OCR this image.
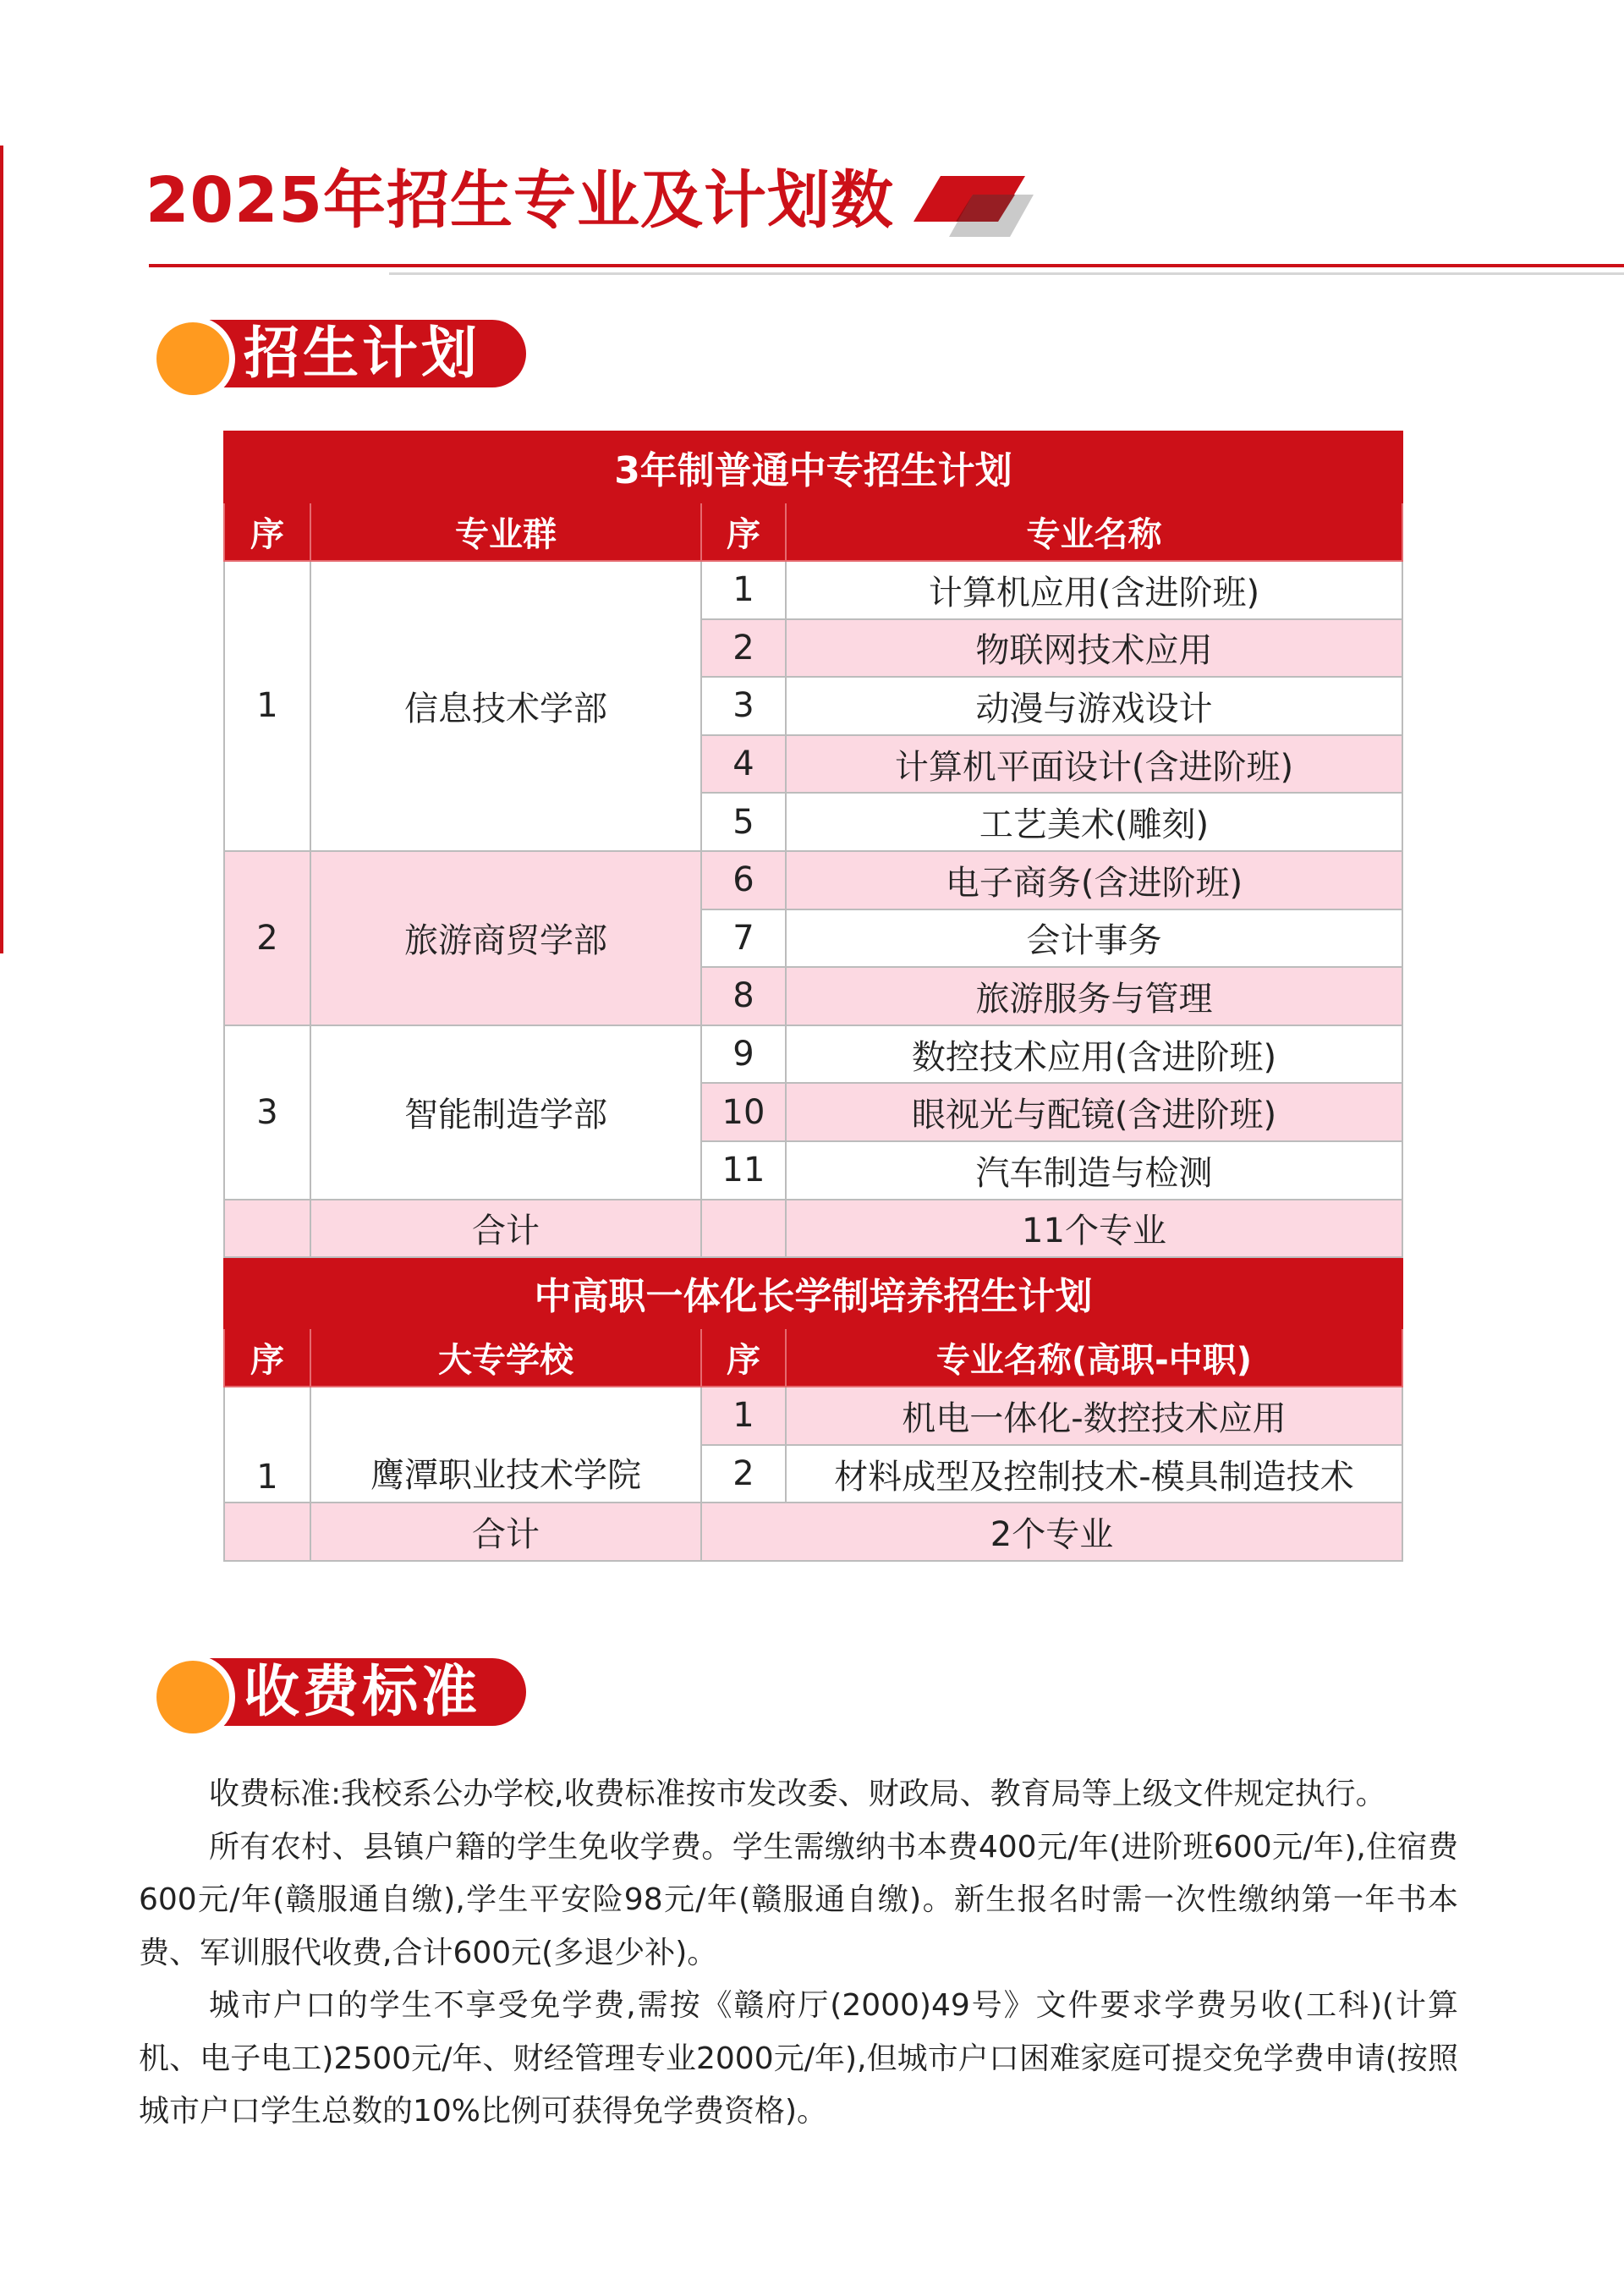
2025年招生专业及计划数
招生计划
3年制普通中专招生计划			
序	专业群	序	专业名称
1	信息技术学部	1	计算机应用(含进阶班)
		2	物联网技术应用
		3	动漫与游戏设计
		4	计算机平面设计(含进阶班)
		5	工艺美术(雕刻)
2	旅游商贸学部	6	电子商务(含进阶班)
		7	会计事务
		8	旅游服务与管理
3	智能制造学部	9	数控技术应用(含进阶班)
		10	眼视光与配镜(含进阶班)
		11	汽车制造与检测
	合计		11个专业
中高职一体化长学制培养招生计划			
序	大专学校	序	专业名称(高职-中职)
1	鹰潭职业技术学院	1	机电一体化-数控技术应用
		2	材料成型及控制技术-模具制造技术
	合计	2个专业	
收费标准

收费标准:我校系公办学校,收费标准按市发改委、财政局、教育局等上级文件规定执行。

所有农村、县镇户籍的学生免收学费。学生需缴纳书本费400元/年(进阶班600元/年),住宿费600元/年(赣服通自缴),学生平安险98元/年(赣服通自缴)。新生报名时需一次性缴纳第一年书本费、军训服代收费,合计600元(多退少补)。

城市户口的学生不享受免学费,需按《赣府厅(2000)49号》文件要求学费另收(工科)(计算机、电子电工)2500元/年、财经管理专业2000元/年),但城市户口困难家庭可提交免学费申请(按照城市户口学生总数的10%比例可获得免学费资格)。
